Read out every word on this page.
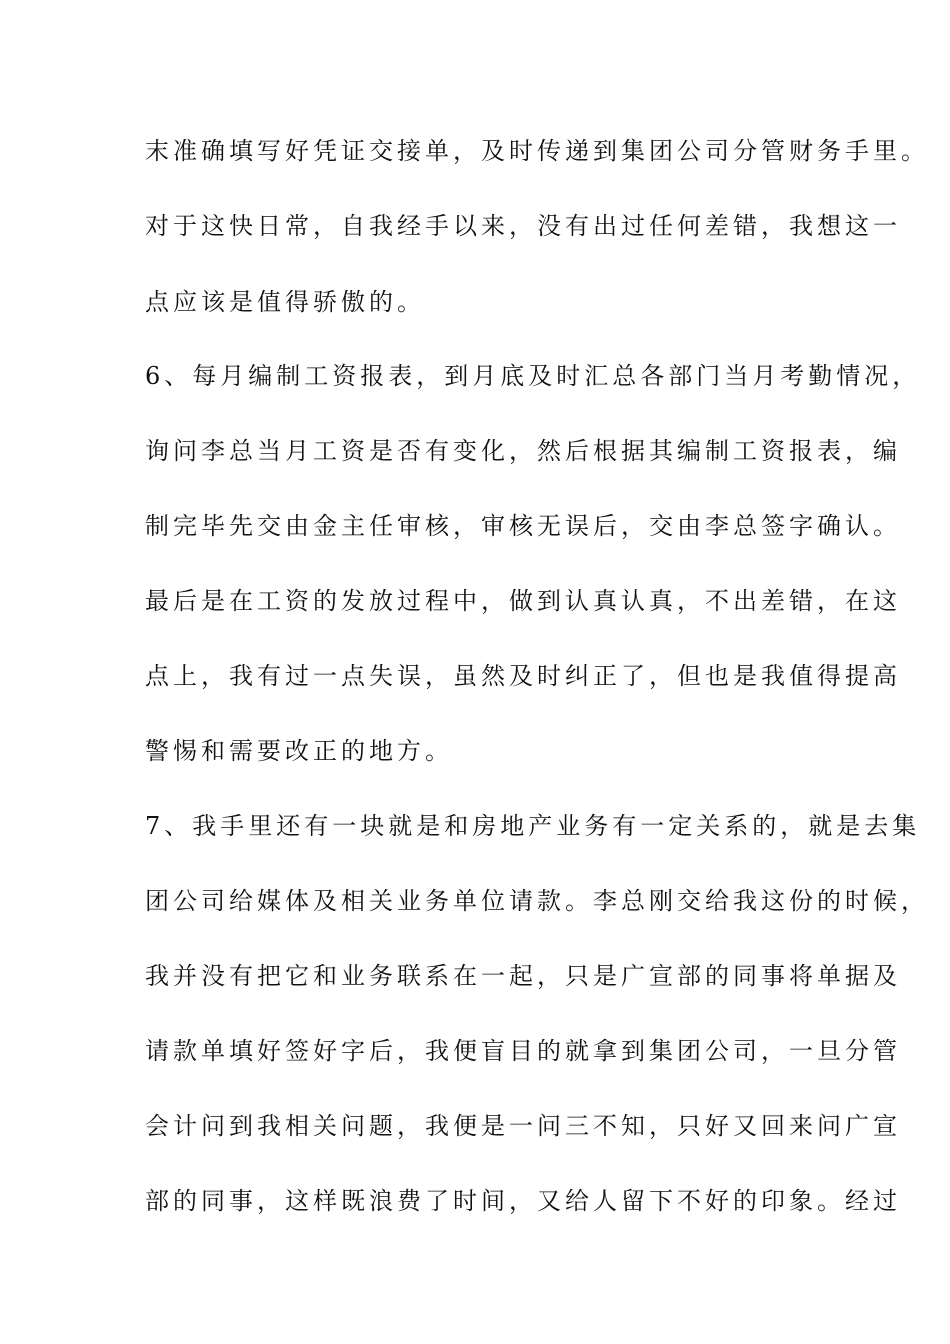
末准确填写好凭证交接单，及时传递到集团公司分管财务手里。
对于这快日常，自我经手以来，没有出过任何差错，我想这一
点应该是值得骄傲的。
6、每月编制工资报表，到月底及时汇总各部门当月考勤情况，
询问李总当月工资是否有变化，然后根据其编制工资报表，编
制完毕先交由金主任审核，审核无误后，交由李总签字确认。
最后是在工资的发放过程中，做到认真认真，不出差错，在这
点上，我有过一点失误，虽然及时纠正了，但也是我值得提高
警惕和需要改正的地方。
7、我手里还有一块就是和房地产业务有一定关系的，就是去集
团公司给媒体及相关业务单位请款。李总刚交给我这份的时候，
我并没有把它和业务联系在一起，只是广宣部的同事将单据及
请款单填好签好字后，我便盲目的就拿到集团公司，一旦分管
会计问到我相关问题，我便是一问三不知，只好又回来问广宣
部的同事，这样既浪费了时间，又给人留下不好的印象。经过
